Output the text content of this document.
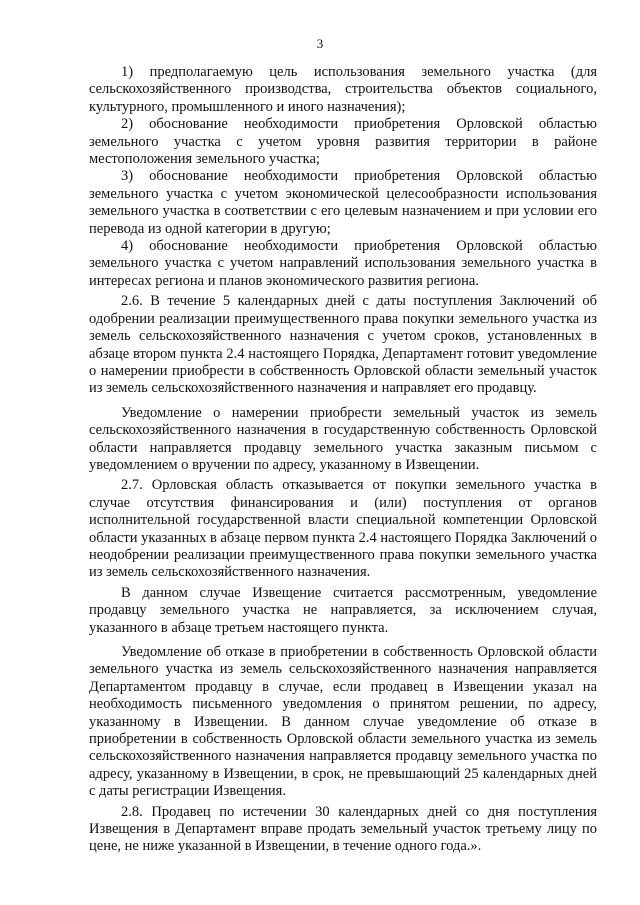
3

1) предполагаемую цель использования земельного участка (для сельскохозяйственного производства, строительства объектов социального, культурного, промышленного и иного назначения);

2) обоснование необходимости приобретения Орловской областью земельного участка с учетом уровня развития территории в районе местоположения земельного участка;

3) обоснование необходимости приобретения Орловской областью земельного участка с учетом экономической целесообразности использования земельного участка в соответствии с его целевым назначением и при условии его перевода из одной категории в другую;

4) обоснование необходимости приобретения Орловской областью земельного участка с учетом направлений использования земельного участка в интересах региона и планов экономического развития региона.

2.6. В течение 5 календарных дней с даты поступления Заключений об одобрении реализации преимущественного права покупки земельного участка из земель сельскохозяйственного назначения с учетом сроков, установленных в абзаце втором пункта 2.4 настоящего Порядка, Департамент готовит уведомление о намерении приобрести в собственность Орловской области земельный участок из земель сельскохозяйственного назначения и направляет его продавцу.

Уведомление о намерении приобрести земельный участок из земель сельскохозяйственного назначения в государственную собственность Орловской области направляется продавцу земельного участка заказным письмом с уведомлением о вручении по адресу, указанному в Извещении.

2.7. Орловская область отказывается от покупки земельного участка в случае отсутствия финансирования и (или) поступления от органов исполнительной государственной власти специальной компетенции Орловской области указанных в абзаце первом пункта 2.4 настоящего Порядка Заключений о неодобрении реализации преимущественного права покупки земельного участка из земель сельскохозяйственного назначения.

В данном случае Извещение считается рассмотренным, уведомление продавцу земельного участка не направляется, за исключением случая, указанного в абзаце третьем настоящего пункта.

Уведомление об отказе в приобретении в собственность Орловской области земельного участка из земель сельскохозяйственного назначения направляется Департаментом продавцу в случае, если продавец в Извещении указал на необходимость письменного уведомления о принятом решении, по адресу, указанному в Извещении. В данном случае уведомление об отказе в приобретении в собственность Орловской области земельного участка из земель сельскохозяйственного назначения направляется продавцу земельного участка по адресу, указанному в Извещении, в срок, не превышающий 25 календарных дней с даты регистрации Извещения.

2.8. Продавец по истечении 30 календарных дней со дня поступления Извещения в Департамент вправе продать земельный участок третьему лицу по цене, не ниже указанной в Извещении, в течение одного года.».
